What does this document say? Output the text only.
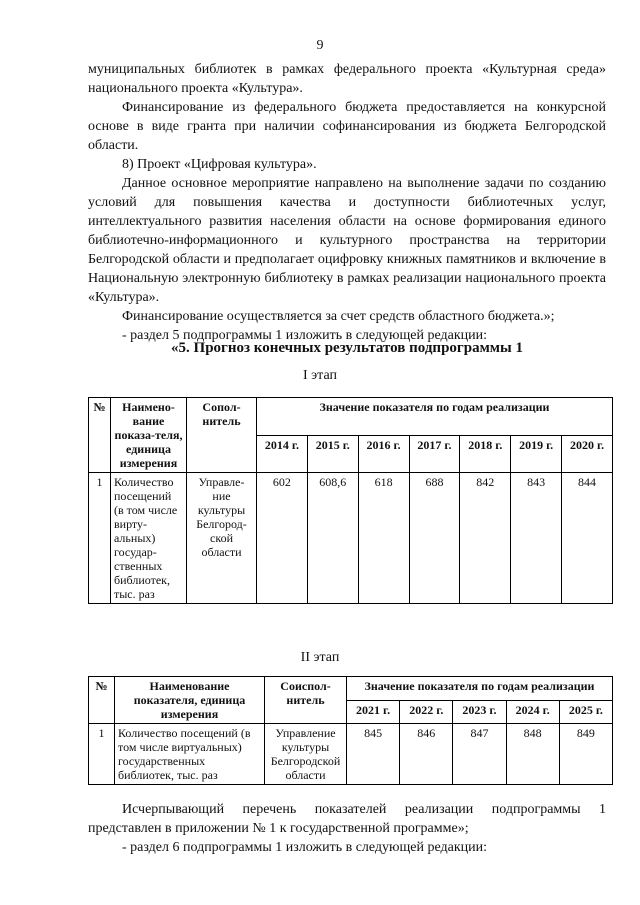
9

муниципальных библиотек в рамках федерального проекта «Культурная среда» национального проекта «Культура».

Финансирование из федерального бюджета предоставляется на конкурсной основе в виде гранта при наличии софинансирования из бюджета Белгородской области.

8) Проект «Цифровая культура».

Данное основное мероприятие направлено на выполнение задачи по созданию условий для повышения качества и доступности библиотечных услуг, интеллектуального развития населения области на основе формирования единого библиотечно-информационного и культурного пространства на территории Белгородской области и предполагает оцифровку книжных памятников и включение в Национальную электронную библиотеку в рамках реализации национального проекта «Культура».

Финансирование осуществляется за счет средств областного бюджета.»;

- раздел 5 подпрограммы 1 изложить в следующей редакции:

«5. Прогноз конечных результатов подпрограммы 1
I этап
№	Наимено-вание показа-теля, единица измерения	Сопол-нитель	Значение показателя по годам реализации						
			2014 г.	2015 г.	2016 г.	2017 г.	2018 г.	2019 г.	2020 г.
1	Количество посещений (в том числе вирту-альных) государ-ственных библиотек, тыс. раз	Управле-ние культуры Белгород-ской области	602	608,6	618	688	842	843	844
II этап
№	Наименование показателя, единица измерения	Соиспол-нитель	Значение показателя по годам реализации				
			2021 г.	2022 г.	2023 г.	2024 г.	2025 г.
1	Количество посещений (в том числе виртуальных) государственных библиотек, тыс. раз	Управление культуры Белгородской области	845	846	847	848	849

Исчерпывающий перечень показателей реализации подпрограммы 1 представлен в приложении № 1 к государственной программе»;

- раздел 6 подпрограммы 1 изложить в следующей редакции:
